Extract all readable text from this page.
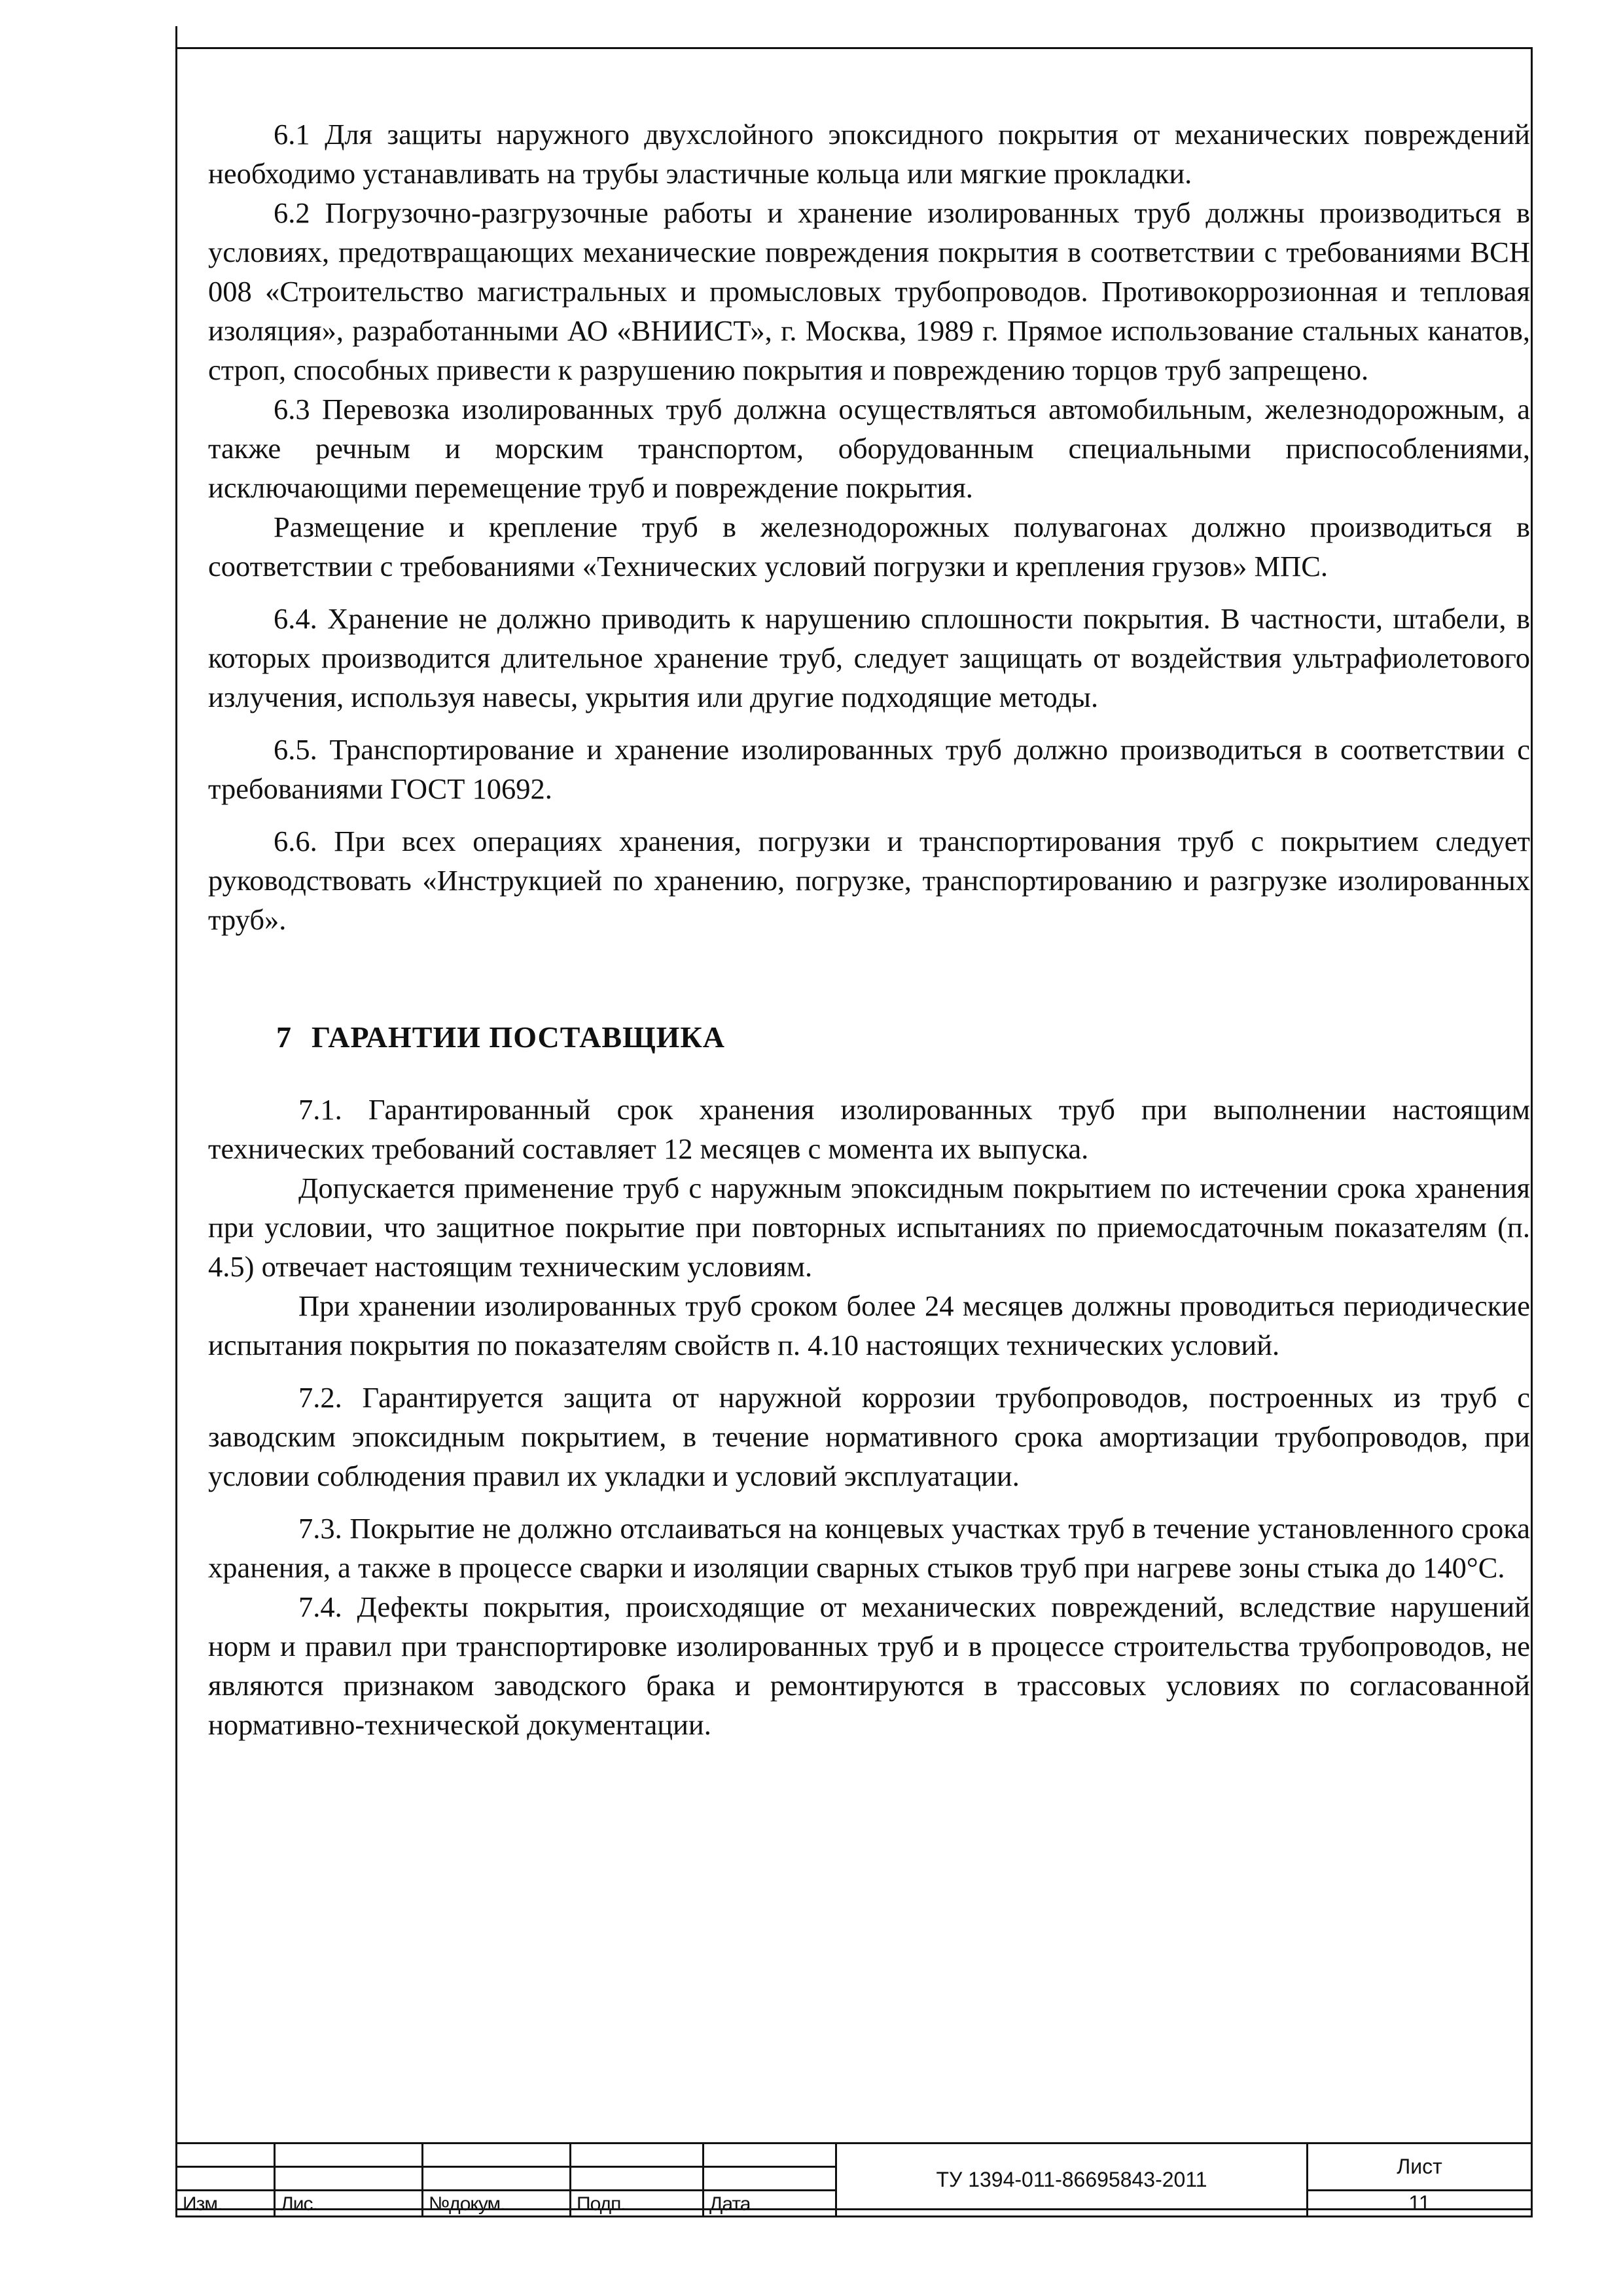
6.1 Для защиты наружного двухслойного эпоксидного покрытия от механических повреждений необходимо устанавливать на трубы эластичные кольца или мягкие прокладки.

6.2 Погрузочно-разгрузочные работы и хранение изолированных труб должны производиться в условиях, предотвращающих механические повреждения покрытия в соответствии с требованиями ВСН 008 «Строительство магистральных и промысловых трубопроводов. Противокоррозионная и тепловая изоляция», разработанными АО «ВНИИСТ», г. Москва, 1989 г. Прямое использование стальных канатов, строп, способных привести к разрушению покрытия и повреждению торцов труб запрещено.

6.3 Перевозка изолированных труб должна осуществляться автомобильным, железнодорожным, а также речным и морским транспортом, оборудованным специальными приспособлениями, исключающими перемещение труб и повреждение покрытия.

Размещение и крепление труб в железнодорожных полувагонах должно производиться в соответствии с требованиями «Технических условий погрузки и крепления грузов» МПС.

6.4. Хранение не должно приводить к нарушению сплошности покрытия. В частности, штабели, в которых производится длительное хранение труб, следует защищать от воздействия ультрафиолетового излучения, используя навесы, укрытия или другие подходящие методы.

6.5. Транспортирование и хранение изолированных труб должно производиться в соответствии с требованиями ГОСТ 10692.

6.6. При всех операциях хранения, погрузки и транспортирования труб с покрытием следует руководствовать «Инструкцией по хранению, погрузке, транспортированию и разгрузке изолированных труб».

7 ГАРАНТИИ ПОСТАВЩИКА

7.1. Гарантированный срок хранения изолированных труб при выполнении настоящим технических требований составляет 12 месяцев с момента их выпуска.

Допускается применение труб с наружным эпоксидным покрытием по истечении срока хранения при условии, что защитное покрытие при повторных испытаниях по приемосдаточным показателям (п. 4.5) отвечает настоящим техническим условиям.

При хранении изолированных труб сроком более 24 месяцев должны проводиться периодические испытания покрытия по показателям свойств п. 4.10 настоящих технических условий.

7.2. Гарантируется защита от наружной коррозии трубопроводов, построенных из труб с заводским эпоксидным покрытием, в течение нормативного срока амортизации трубопроводов, при условии соблюдения правил их укладки и условий эксплуатации.

7.3. Покрытие не должно отслаиваться на концевых участках труб в течение установленного срока хранения, а также в процессе сварки и изоляции сварных стыков труб при нагреве зоны стыка до 140°С.

7.4. Дефекты покрытия, происходящие от механических повреждений, вследствие нарушений норм и правил при транспортировке изолированных труб и в процессе строительства трубопроводов, не являются признаком заводского брака и ремонтируются в трассовых условиях по согласованной нормативно-технической документации.

					ТУ 1394-011-86695843-2011	Лист

Изм.	Лис.	№докум.	Подп.	Дата		11
